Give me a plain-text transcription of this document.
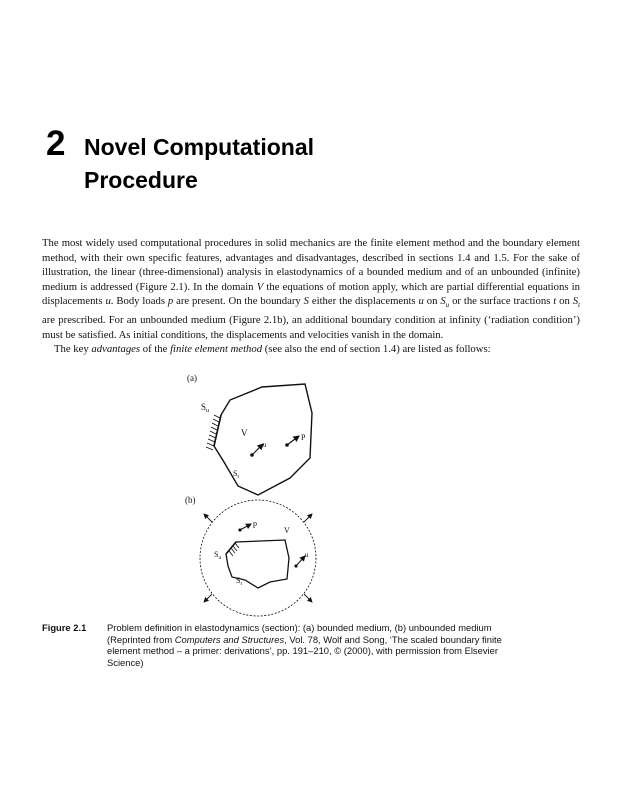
2 Novel Computational
Procedure

The most widely used computational procedures in solid mechanics are the finite element method and the boundary element method, with their own specific features, advantages and disadvantages, described in sections 1.4 and 1.5. For the sake of illustration, the linear (three-dimensional) analysis in elastodynamics of a bounded medium and of an unbounded (infinite) medium is addressed (Figure 2.1). In the domain V the equations of motion apply, which are partial differential equations in displacements u. Body loads p are present. On the boundary S either the displacements u on $S_u$ or the surface tractions t on $S_t$ are prescribed. For an unbounded medium (Figure 2.1b), an additional boundary condition at infinity (‘radiation condition’) must be satisfied. As initial conditions, the displacements and velocities vanish in the domain.

The key advantages of the finite element method (see also the end of section 1.4) are listed as follows:

(a)
$S_u$
V
u
P
$S_t$
(b)
p
V
$S_u$	u
$S_t$
Figure 2.1 Problem definition in elastodynamics (section): (a) bounded medium, (b) unbounded medium (Reprinted from Computers and Structures, Vol. 78, Wolf and Song, ‘The scaled boundary finite element method – a primer: derivations’, pp. 191–210, © (2000), with permission from Elsevier Science)
